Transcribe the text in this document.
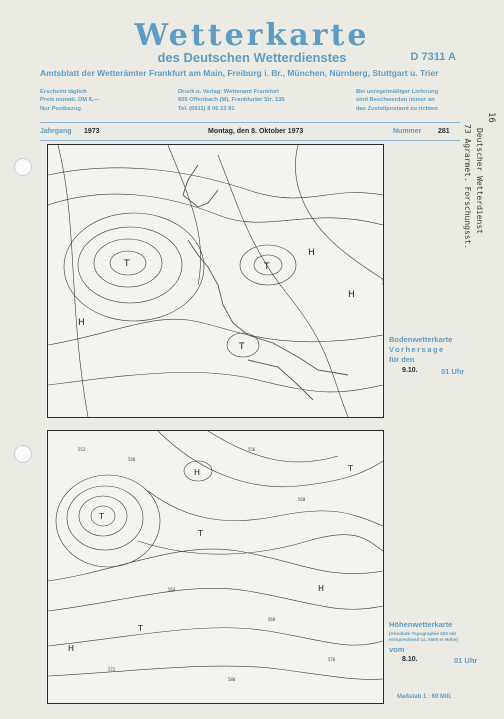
Wetterkarte
des Deutschen Wetterdienstes	D 7311 A
Amtsblatt der Wetterämter Frankfurt am Main, Freiburg i. Br., München, Nürnberg, Stuttgart u. Trier
Erscheint täglich
Preis monatl. DM 8,—
Nur Postbezug
Druck u. Verlag: Wetteramt Frankfurt
605 Offenbach (M), Frankfurter Str. 135
Tel. (0611) 8 06 22 81
Bei unregelmäßiger Lieferung
sind Beschwerden immer an
das Zustellpostamt zu richten
Jahrgang 1973	Montag, den 8. Oktober 1973	Nummer 281
16
Deutscher Wetterdienst
73 Agrarmet. Forschungsst.
T	T
T
H
H
H
Bodenwetterkarte
Vorhersage
für den
9.10.	01 Uhr
T
H
T
T
H
H
T
552
548
556
560
564
568
572
576
580
Höhenwetterkarte
(Absolute Topographie 500 mb
entsprechend ca. 5500 m Höhe)
vom
8.10.	01 Uhr
Maßstab 1 : 60 Mill.
